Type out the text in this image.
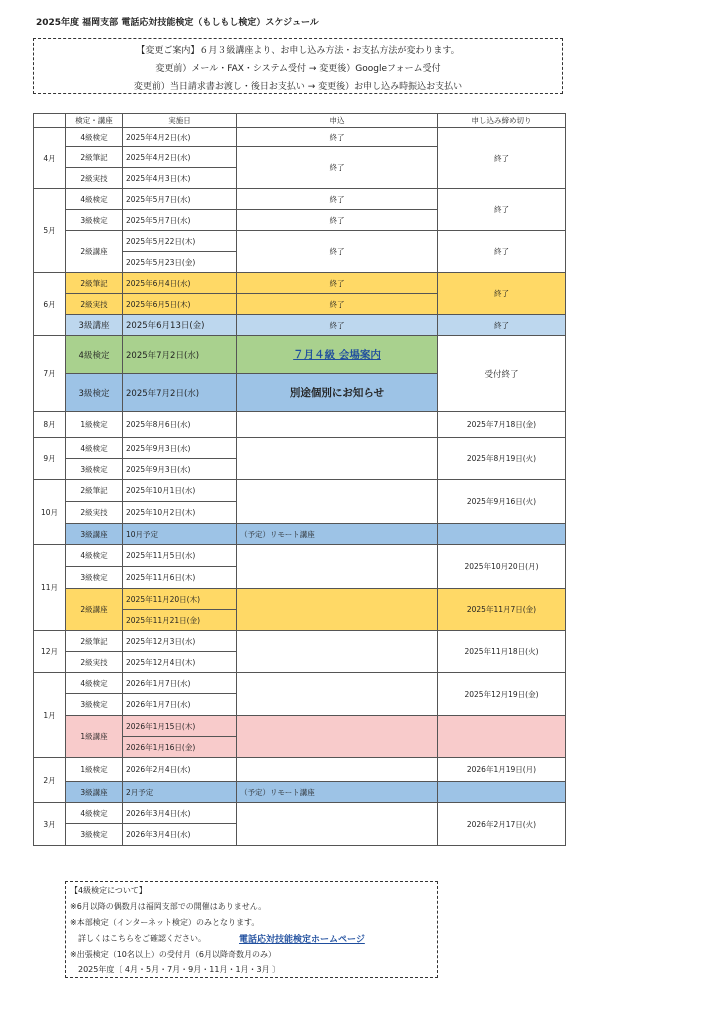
2025年度 福岡支部 電話応対技能検定（もしもし検定）スケジュール
【変更ご案内】６月３級講座より、お申し込み方法・お支払方法が変わります。
変更前）メール・FAX・システム受付 → 変更後）Googleフォーム受付
変更前）当日請求書お渡し・後日お支払い → 変更後）お申し込み時振込お支払い
	検定・講座	実施日	申込	申し込み締め切り
4月	4級検定	2025年4月2日(水)	終了	終了
	2級筆記	2025年4月2日(水)	終了	
	2級実技	2025年4月3日(木)		
5月	4級検定	2025年5月7日(水)	終了	終了
	3級検定	2025年5月7日(水)	終了	
	2級講座	2025年5月22日(木)	終了	終了
		2025年5月23日(金)		
6月	2級筆記	2025年6月4日(水)	終了	終了
	2級実技	2025年6月5日(木)	終了	
	3級講座	2025年6月13日(金)	終了	終了
7月	4級検定	2025年7月2日(水)	７月４級 会場案内	受付終了
	3級検定	2025年7月2日(水)	別途個別にお知らせ	
8月	1級検定	2025年8月6日(水)		2025年7月18日(金)
9月	4級検定	2025年9月3日(水)		2025年8月19日(火)
	3級検定	2025年9月3日(水)		
10月	2級筆記	2025年10月1日(水)		2025年9月16日(火)
	2級実技	2025年10月2日(木)		
	3級講座	10月予定	（予定）リモート講座	
11月	4級検定	2025年11月5日(水)		2025年10月20日(月)
	3級検定	2025年11月6日(木)		
	2級講座	2025年11月20日(木)		2025年11月7日(金)
		2025年11月21日(金)		
12月	2級筆記	2025年12月3日(水)		2025年11月18日(火)
	2級実技	2025年12月4日(木)		
1月	4級検定	2026年1月7日(水)		2025年12月19日(金)
	3級検定	2026年1月7日(水)		
	1級講座	2026年1月15日(木)		
		2026年1月16日(金)		
2月	1級検定	2026年2月4日(水)		2026年1月19日(月)
	3級講座	2月予定	（予定）リモート講座	
3月	4級検定	2026年3月4日(水)		2026年2月17日(火)
	3級検定	2026年3月4日(水)		
【4級検定について】
※6月以降の偶数月は福岡支部での開催はありません。
※本部検定（インターネット検定）のみとなります。
　詳しくはこちらをご確認ください。	電話応対技能検定ホームページ
※出張検定（10名以上）の受付月（6月以降奇数月のみ）
　2025年度〔 4月・5月・7月・9月・11月・1月・3月 〕
